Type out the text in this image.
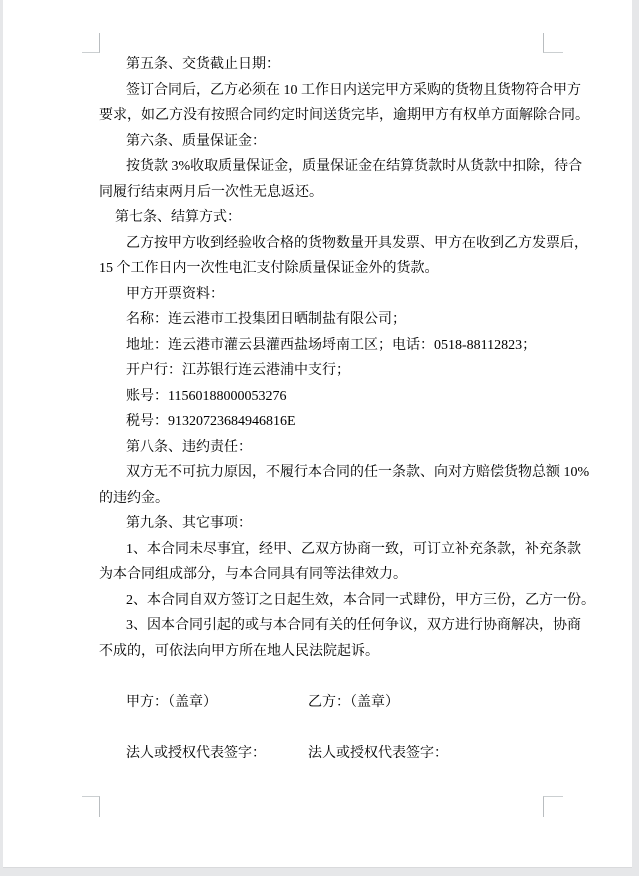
第五条、交货截止日期：
签订合同后，乙方必须在 10 工作日内送完甲方采购的货物且货物符合甲方
要求，如乙方没有按照合同约定时间送货完毕，逾期甲方有权单方面解除合同。
第六条、质量保证金：
按货款 3%收取质量保证金，质量保证金在结算货款时从货款中扣除，待合
同履行结束两月后一次性无息返还。
第七条、结算方式：
乙方按甲方收到经验收合格的货物数量开具发票、甲方在收到乙方发票后，
15 个工作日内一次性电汇支付除质量保证金外的货款。
甲方开票资料：
名称：连云港市工投集团日晒制盐有限公司；
地址：连云港市灌云县灌西盐场埒南工区；电话：0518-88112823；
开户行：江苏银行连云港浦中支行；
账号：11560188000053276
税号：91320723684946816E
第八条、违约责任：
双方无不可抗力原因，不履行本合同的任一条款、向对方赔偿货物总额 10%
的违约金。
第九条、其它事项：
1、本合同未尽事宜，经甲、乙双方协商一致，可订立补充条款，补充条款
为本合同组成部分，与本合同具有同等法律效力。
2、本合同自双方签订之日起生效，本合同一式肆份，甲方三份，乙方一份。
3、因本合同引起的或与本合同有关的任何争议，双方进行协商解决，协商
不成的，可依法向甲方所在地人民法院起诉。
甲方：（盖章）	乙方：（盖章）
法人或授权代表签字：	法人或授权代表签字：
